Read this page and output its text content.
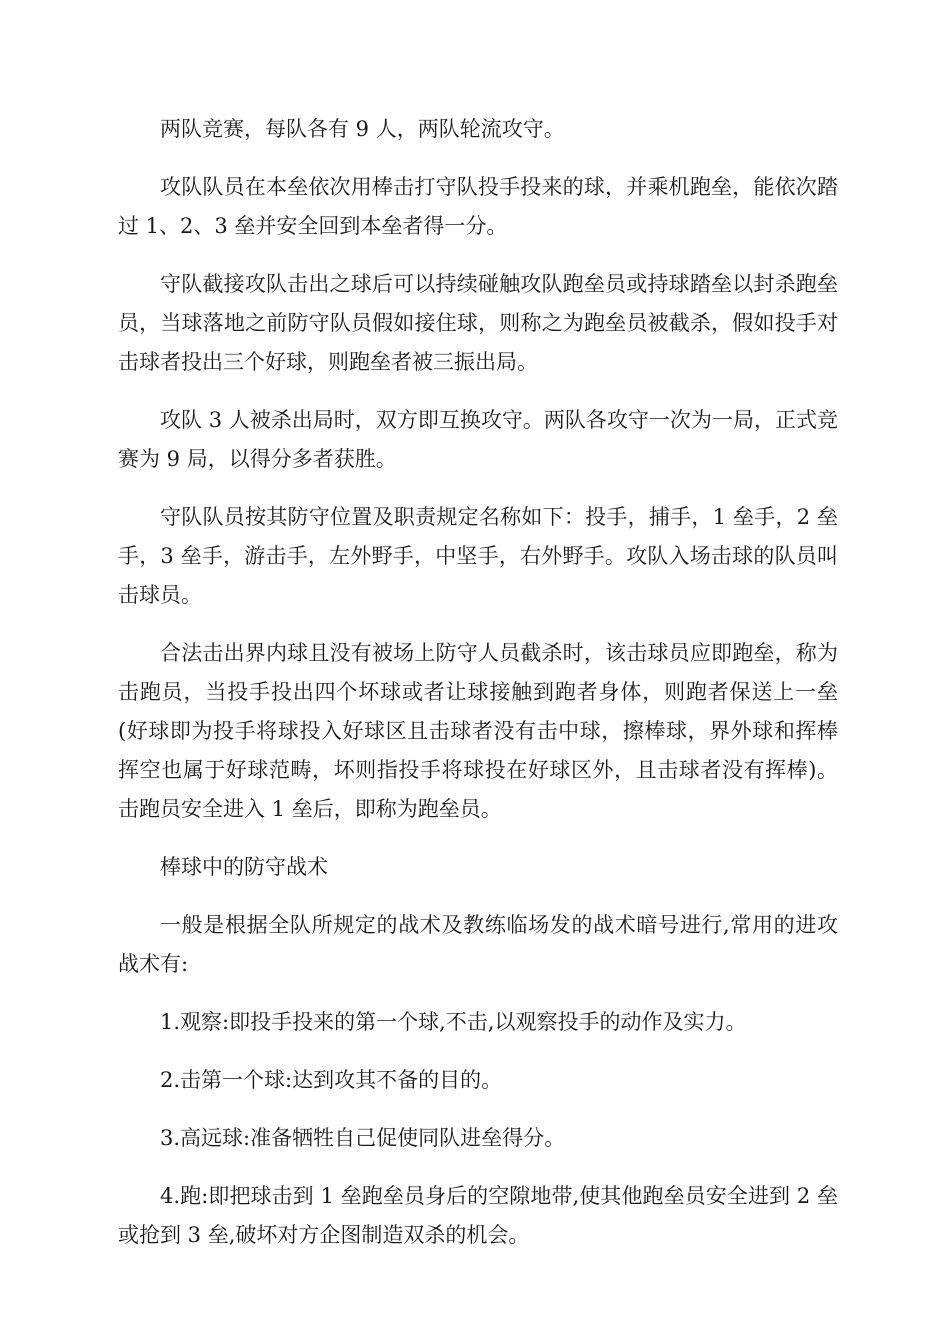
两队竞赛，每队各有 9 人，两队轮流攻守。

攻队队员在本垒依次用棒击打守队投手投来的球，并乘机跑垒，能依次踏过 1、2、3 垒并安全回到本垒者得一分。

守队截接攻队击出之球后可以持续碰触攻队跑垒员或持球踏垒以封杀跑垒员，当球落地之前防守队员假如接住球，则称之为跑垒员被截杀，假如投手对击球者投出三个好球，则跑垒者被三振出局。

攻队 3 人被杀出局时，双方即互换攻守。两队各攻守一次为一局，正式竞赛为 9 局，以得分多者获胜。

守队队员按其防守位置及职责规定名称如下：投手，捕手，1 垒手，2 垒手，3 垒手，游击手，左外野手，中坚手，右外野手。攻队入场击球的队员叫击球员。

合法击出界内球且没有被场上防守人员截杀时，该击球员应即跑垒，称为击跑员，当投手投出四个坏球或者让球接触到跑者身体，则跑者保送上一垒(好球即为投手将球投入好球区且击球者没有击中球，擦棒球，界外球和挥棒挥空也属于好球范畴，坏则指投手将球投在好球区外，且击球者没有挥棒)。击跑员安全进入 1 垒后，即称为跑垒员。

棒球中的防守战术

一般是根据全队所规定的战术及教练临场发的战术暗号进行,常用的进攻战术有:

1.观察:即投手投来的第一个球,不击,以观察投手的动作及实力。

2.击第一个球:达到攻其不备的目的。

3.高远球:准备牺牲自己促使同队进垒得分。

4.跑:即把球击到 1 垒跑垒员身后的空隙地带,使其他跑垒员安全进到 2 垒或抢到 3 垒,破坏对方企图制造双杀的机会。
